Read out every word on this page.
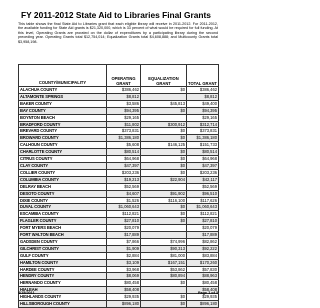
FY 2011-2012 State Aid to Libraries Final Grants
This table shows the final State Aid to Libraries grant that each eligible library will receive in 2011-2012. For 2011-2012, the available funding for State Aid grants is $21,320,000, which is 33 percent of what would be required for full funding. At this level, Operating Grants are prorated on the dollar of expenditures by a participating library during the second preceding year. Operating Grants total $12,754,014; Equalization Grants total $4,608,888; and Multicounty Grants total $3,958,198.
COUNTY/MUNICIPALITY	OPERATING GRANT	EQUALIZATION GRANT	TOTAL GRANT
ALACHUA COUNTY	$386,462	$0	$386,462
ALTAMONTE SPRINGS	$8,812		$8,812
BAKER COUNTY	$3,586	$45,813	$49,400
BAY COUNTY	$94,395	$0	$94,395
BOYNTON BEACH	$29,165		$29,165
BRADFORD COUNTY	$11,802	$300,912	$312,714
BREVARD COUNTY	$373,831	$0	$373,831
BROWARD COUNTY	$1,386,180	$0	$1,386,180
CALHOUN COUNTY	$5,608	$146,125	$151,733
CHARLOTTE COUNTY	$80,514	$0	$80,514
CITRUS COUNTY	$64,968	$0	$64,968
CLAY COUNTY	$47,397	$0	$47,397
COLLIER COUNTY	$203,236	$0	$203,236
COLUMBIA COUNTY	$19,213	$22,904	$42,117
DELRAY BEACH	$52,569		$52,569
DESOTO COUNTY	$4,607	$91,902	$96,510
DIXIE COUNTY	$1,526	$116,100	$117,626
DUVAL COUNTY	$1,060,643	$0	$1,060,643
ESCAMBIA COUNTY	$112,821	$0	$112,821
FLAGLER COUNTY	$27,810	$0	$27,810
FORT MYERS BEACH	$20,079		$20,079
FORT WALTON BEACH	$17,889		$17,889
GADSDEN COUNTY	$7,866	$74,996	$82,862
GILCHRIST COUNTY	$1,909	$90,313	$92,222
GULF COUNTY	$2,884	$81,000	$83,884
HAMILTON COUNTY	$3,109	$167,151	$170,260
HARDEE COUNTY	$3,968	$53,862	$57,830
HENDRY COUNTY	$8,069	$80,894	$88,963
HERNANDO COUNTY	$80,458	$0	$80,458
HIALEAH	$58,408		$58,408
HIGHLANDS COUNTY	$29,935	$0	$29,935
HILLSBOROUGH COUNTY	$896,180	$0	$896,180
4/15/2011	Page 1 of 3
